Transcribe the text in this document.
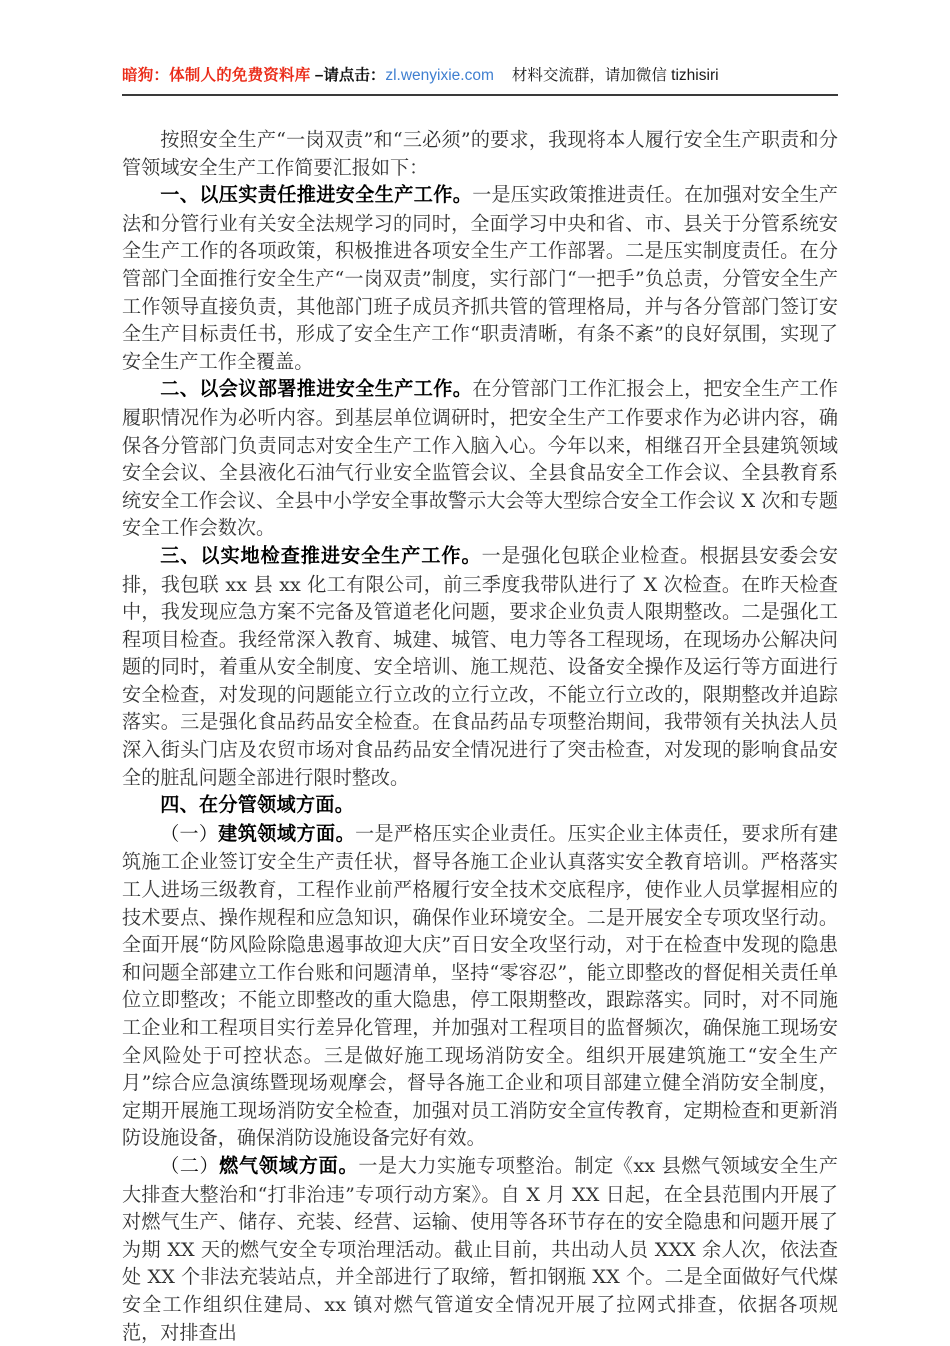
暗狗：体制人的免费资料库 –请点击：zl.wenyixie.com 材料交流群，请加微信 tizhisiri

按照安全生产“一岗双责”和“三必须”的要求，我现将本人履行安全生产职责和分管领域安全生产工作简要汇报如下：

一、以压实责任推进安全生产工作。一是压实政策推进责任。在加强对安全生产法和分管行业有关安全法规学习的同时，全面学习中央和省、市、县关于分管系统安全生产工作的各项政策，积极推进各项安全生产工作部署。二是压实制度责任。在分管部门全面推行安全生产“一岗双责”制度，实行部门“一把手”负总责，分管安全生产工作领导直接负责，其他部门班子成员齐抓共管的管理格局，并与各分管部门签订安全生产目标责任书，形成了安全生产工作“职责清晰，有条不紊”的良好氛围，实现了安全生产工作全覆盖。

二、以会议部署推进安全生产工作。在分管部门工作汇报会上，把安全生产工作履职情况作为必听内容。到基层单位调研时，把安全生产工作要求作为必讲内容，确保各分管部门负责同志对安全生产工作入脑入心。今年以来，相继召开全县建筑领域安全会议、全县液化石油气行业安全监管会议、全县食品安全工作会议、全县教育系统安全工作会议、全县中小学安全事故警示大会等大型综合安全工作会议 X 次和专题安全工作会数次。

三、以实地检查推进安全生产工作。一是强化包联企业检查。根据县安委会安排，我包联 xx 县 xx 化工有限公司，前三季度我带队进行了 X 次检查。在昨天检查中，我发现应急方案不完备及管道老化问题，要求企业负责人限期整改。二是强化工程项目检查。我经常深入教育、城建、城管、电力等各工程现场，在现场办公解决问题的同时，着重从安全制度、安全培训、施工规范、设备安全操作及运行等方面进行安全检查，对发现的问题能立行立改的立行立改，不能立行立改的，限期整改并追踪落实。三是强化食品药品安全检查。在食品药品专项整治期间，我带领有关执法人员深入街头门店及农贸市场对食品药品安全情况进行了突击检查，对发现的影响食品安全的脏乱问题全部进行限时整改。

四、在分管领域方面。

（一）建筑领域方面。一是严格压实企业责任。压实企业主体责任，要求所有建筑施工企业签订安全生产责任状，督导各施工企业认真落实安全教育培训。严格落实工人进场三级教育，工程作业前严格履行安全技术交底程序，使作业人员掌握相应的技术要点、操作规程和应急知识，确保作业环境安全。二是开展安全专项攻坚行动。全面开展“防风险除隐患遏事故迎大庆”百日安全攻坚行动，对于在检查中发现的隐患和问题全部建立工作台账和问题清单，坚持“零容忍”，能立即整改的督促相关责任单位立即整改；不能立即整改的重大隐患，停工限期整改，跟踪落实。同时，对不同施工企业和工程项目实行差异化管理，并加强对工程项目的监督频次，确保施工现场安全风险处于可控状态。三是做好施工现场消防安全。组织开展建筑施工“安全生产月”综合应急演练暨现场观摩会，督导各施工企业和项目部建立健全消防安全制度，定期开展施工现场消防安全检查，加强对员工消防安全宣传教育，定期检查和更新消防设施设备，确保消防设施设备完好有效。

（二）燃气领域方面。一是大力实施专项整治。制定《xx 县燃气领域安全生产大排查大整治和“打非治违”专项行动方案》。自 X 月 XX 日起，在全县范围内开展了对燃气生产、储存、充装、经营、运输、使用等各环节存在的安全隐患和问题开展了为期 XX 天的燃气安全专项治理活动。截止目前，共出动人员 XXX 余人次，依法查处 XX 个非法充装站点，并全部进行了取缔，暂扣钢瓶 XX 个。二是全面做好气代煤安全工作组织住建局、xx 镇对燃气管道安全情况开展了拉网式排查，依据各项规范，对排查出
